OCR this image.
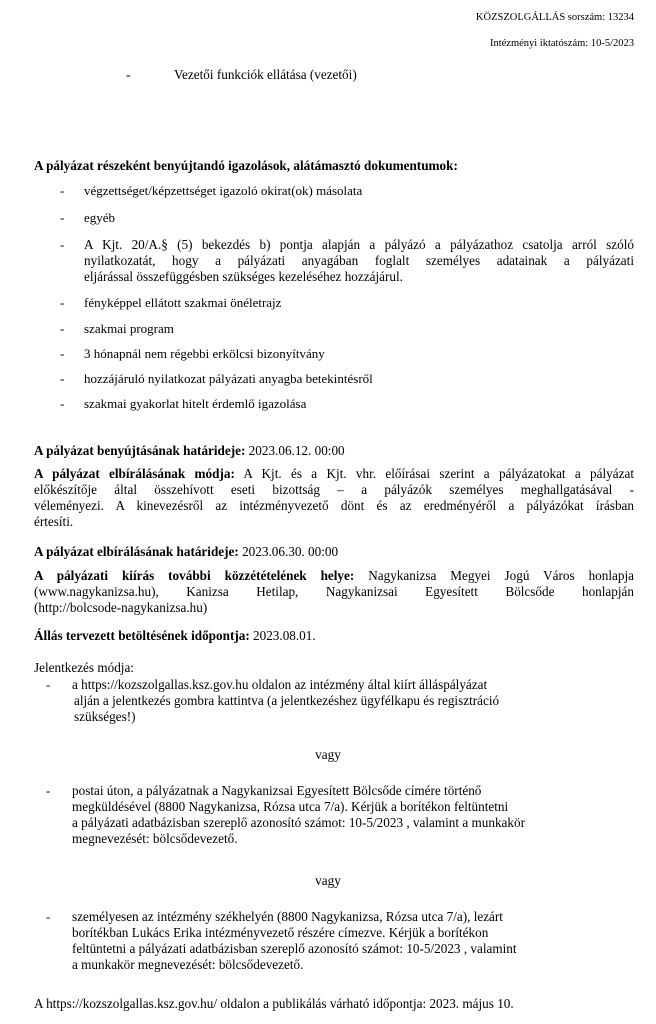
KÖZSZOLGÁLLÁS sorszám: 13234
Intézményi iktatószám: 10-5/2023
-	Vezetői funkciók ellátása (vezetői)
A pályázat részeként benyújtandó igazolások, alátámasztó dokumentumok:
- végzettséget/képzettséget igazoló okirat(ok) másolata
- egyéb
- A Kjt. 20/A.§ (5) bekezdés b) pontja alapján a pályázó a pályázathoz csatolja arról szóló
nyilatkozatát, hogy a pályázati anyagában foglalt személyes adatainak a pályázati
eljárással összefüggésben szükséges kezeléséhez hozzájárul.
- fényképpel ellátott szakmai önéletrajz
- szakmai program
- 3 hónapnál nem régebbi erkölcsi bizonyítvány
- hozzájáruló nyilatkozat pályázati anyagba betekintésről
- szakmai gyakorlat hitelt érdemlő igazolása
A pályázat benyújtásának határideje: 2023.06.12. 00:00
A pályázat elbírálásának módja: A Kjt. és a Kjt. vhr. előírásai szerint a pályázatokat a pályázat
előkészítője által összehívott eseti bizottság – a pályázók személyes meghallgatásával -
véleményezi. A kinevezésről az intézményvezető dönt és az eredményéről a pályázókat írásban
értesíti.
A pályázat elbírálásának határideje: 2023.06.30. 00:00
A pályázati kiírás további közzétételének helye: Nagykanizsa Megyei Jogú Város honlapja
(www.nagykanizsa.hu), Kanizsa Hetilap, Nagykanizsai Egyesített Bölcsőde honlapján
(http://bolcsode-nagykanizsa.hu)
Állás tervezett betöltésének időpontja: 2023.08.01.
Jelentkezés módja:
- a https://kozszolgallas.ksz.gov.hu oldalon az intézmény által kiírt álláspályázat
alján a jelentkezés gombra kattintva (a jelentkezéshez ügyfélkapu és regisztráció
szükséges!)
vagy
- postai úton, a pályázatnak a Nagykanizsai Egyesített Bölcsőde címére történő
megküldésével (8800 Nagykanizsa, Rózsa utca 7/a). Kérjük a borítékon feltüntetni
a pályázati adatbázisban szereplő azonosító számot: 10-5/2023 , valamint a munkakör
megnevezését: bölcsődevezető.
vagy
- személyesen az intézmény székhelyén (8800 Nagykanizsa, Rózsa utca 7/a), lezárt
borítékban Lukács Erika intézményvezető részére címezve. Kérjük a borítékon
feltüntetni a pályázati adatbázisban szereplő azonosító számot: 10-5/2023 , valamint
a munkakör megnevezését: bölcsődevezető.
A https://kozszolgallas.ksz.gov.hu/ oldalon a publikálás várható időpontja: 2023. május 10.
